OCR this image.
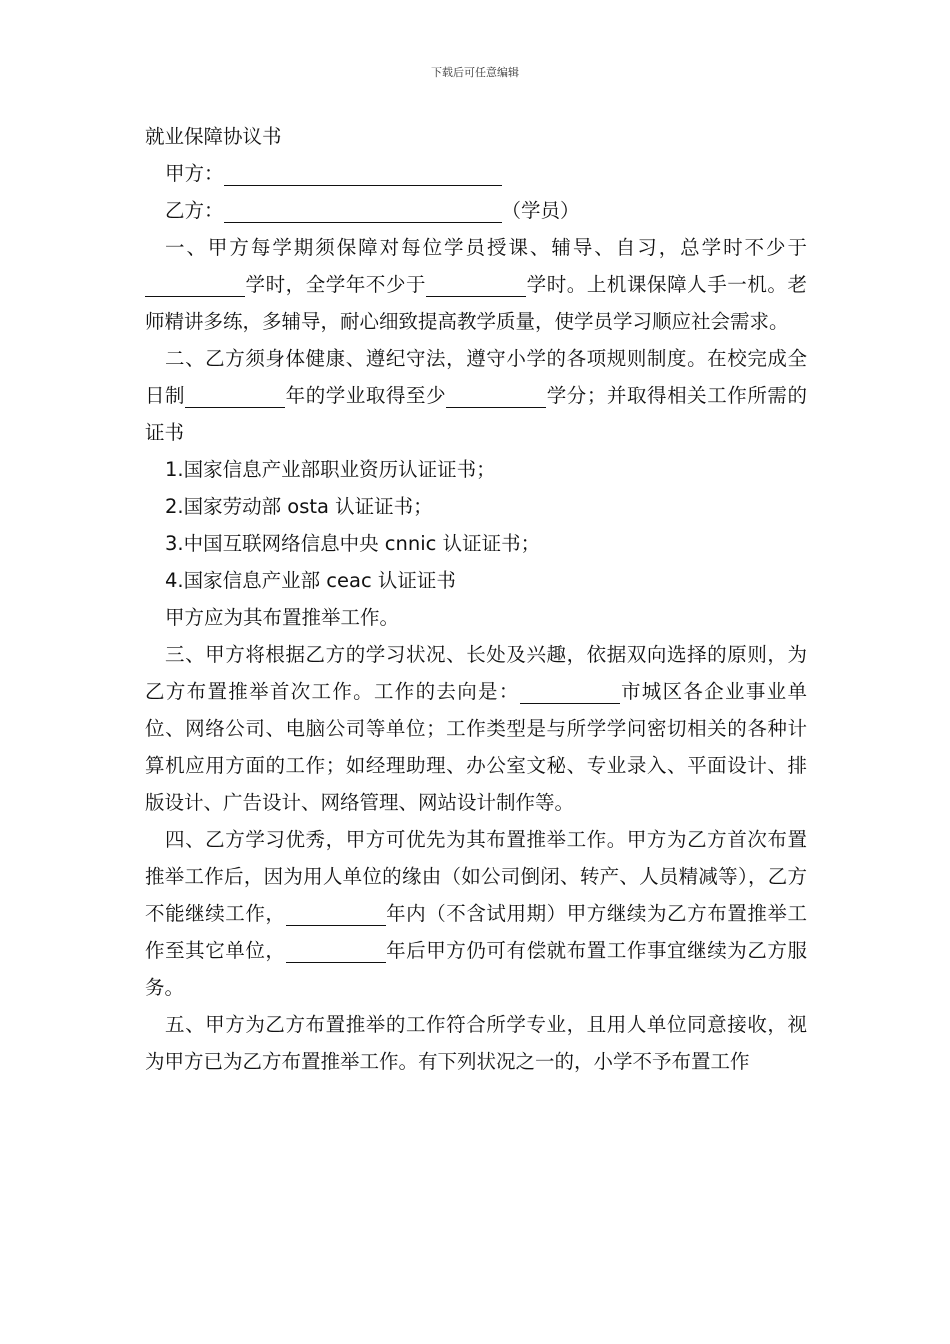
下载后可任意编辑

就业保障协议书

甲方：

乙方：	（学员）

一、甲方每学期须保障对每位学员授课、辅导、自习，总学时不少于学时，全学年不少于	学时。上机课保障人手一机。老师精讲多练，多辅导，耐心细致提高教学质量，使学员学习顺应社会需求。

二、乙方须身体健康、遵纪守法，遵守小学的各项规则制度。在校完成全日制	年的学业取得至少	学分；并取得相关工作所需的证书

1.国家信息产业部职业资历认证证书；

2.国家劳动部 osta 认证证书；

3.中国互联网络信息中央 cnnic 认证证书；

4.国家信息产业部 ceac 认证证书

甲方应为其布置推举工作。

三、甲方将根据乙方的学习状况、长处及兴趣，依据双向选择的原则，为乙方布置推举首次工作。工作的去向是：	市城区各企业事业单位、网络公司、电脑公司等单位；工作类型是与所学学问密切相关的各种计算机应用方面的工作；如经理助理、办公室文秘、专业录入、平面设计、排版设计、广告设计、网络管理、网站设计制作等。

四、乙方学习优秀，甲方可优先为其布置推举工作。甲方为乙方首次布置推举工作后，因为用人单位的缘由（如公司倒闭、转产、人员精减等），乙方不能继续工作，	年内（不含试用期）甲方继续为乙方布置推举工作至其它单位，	年后甲方仍可有偿就布置工作事宜继续为乙方服务。

五、甲方为乙方布置推举的工作符合所学专业，且用人单位同意接收，视为甲方已为乙方布置推举工作。有下列状况之一的，小学不予布置工作
